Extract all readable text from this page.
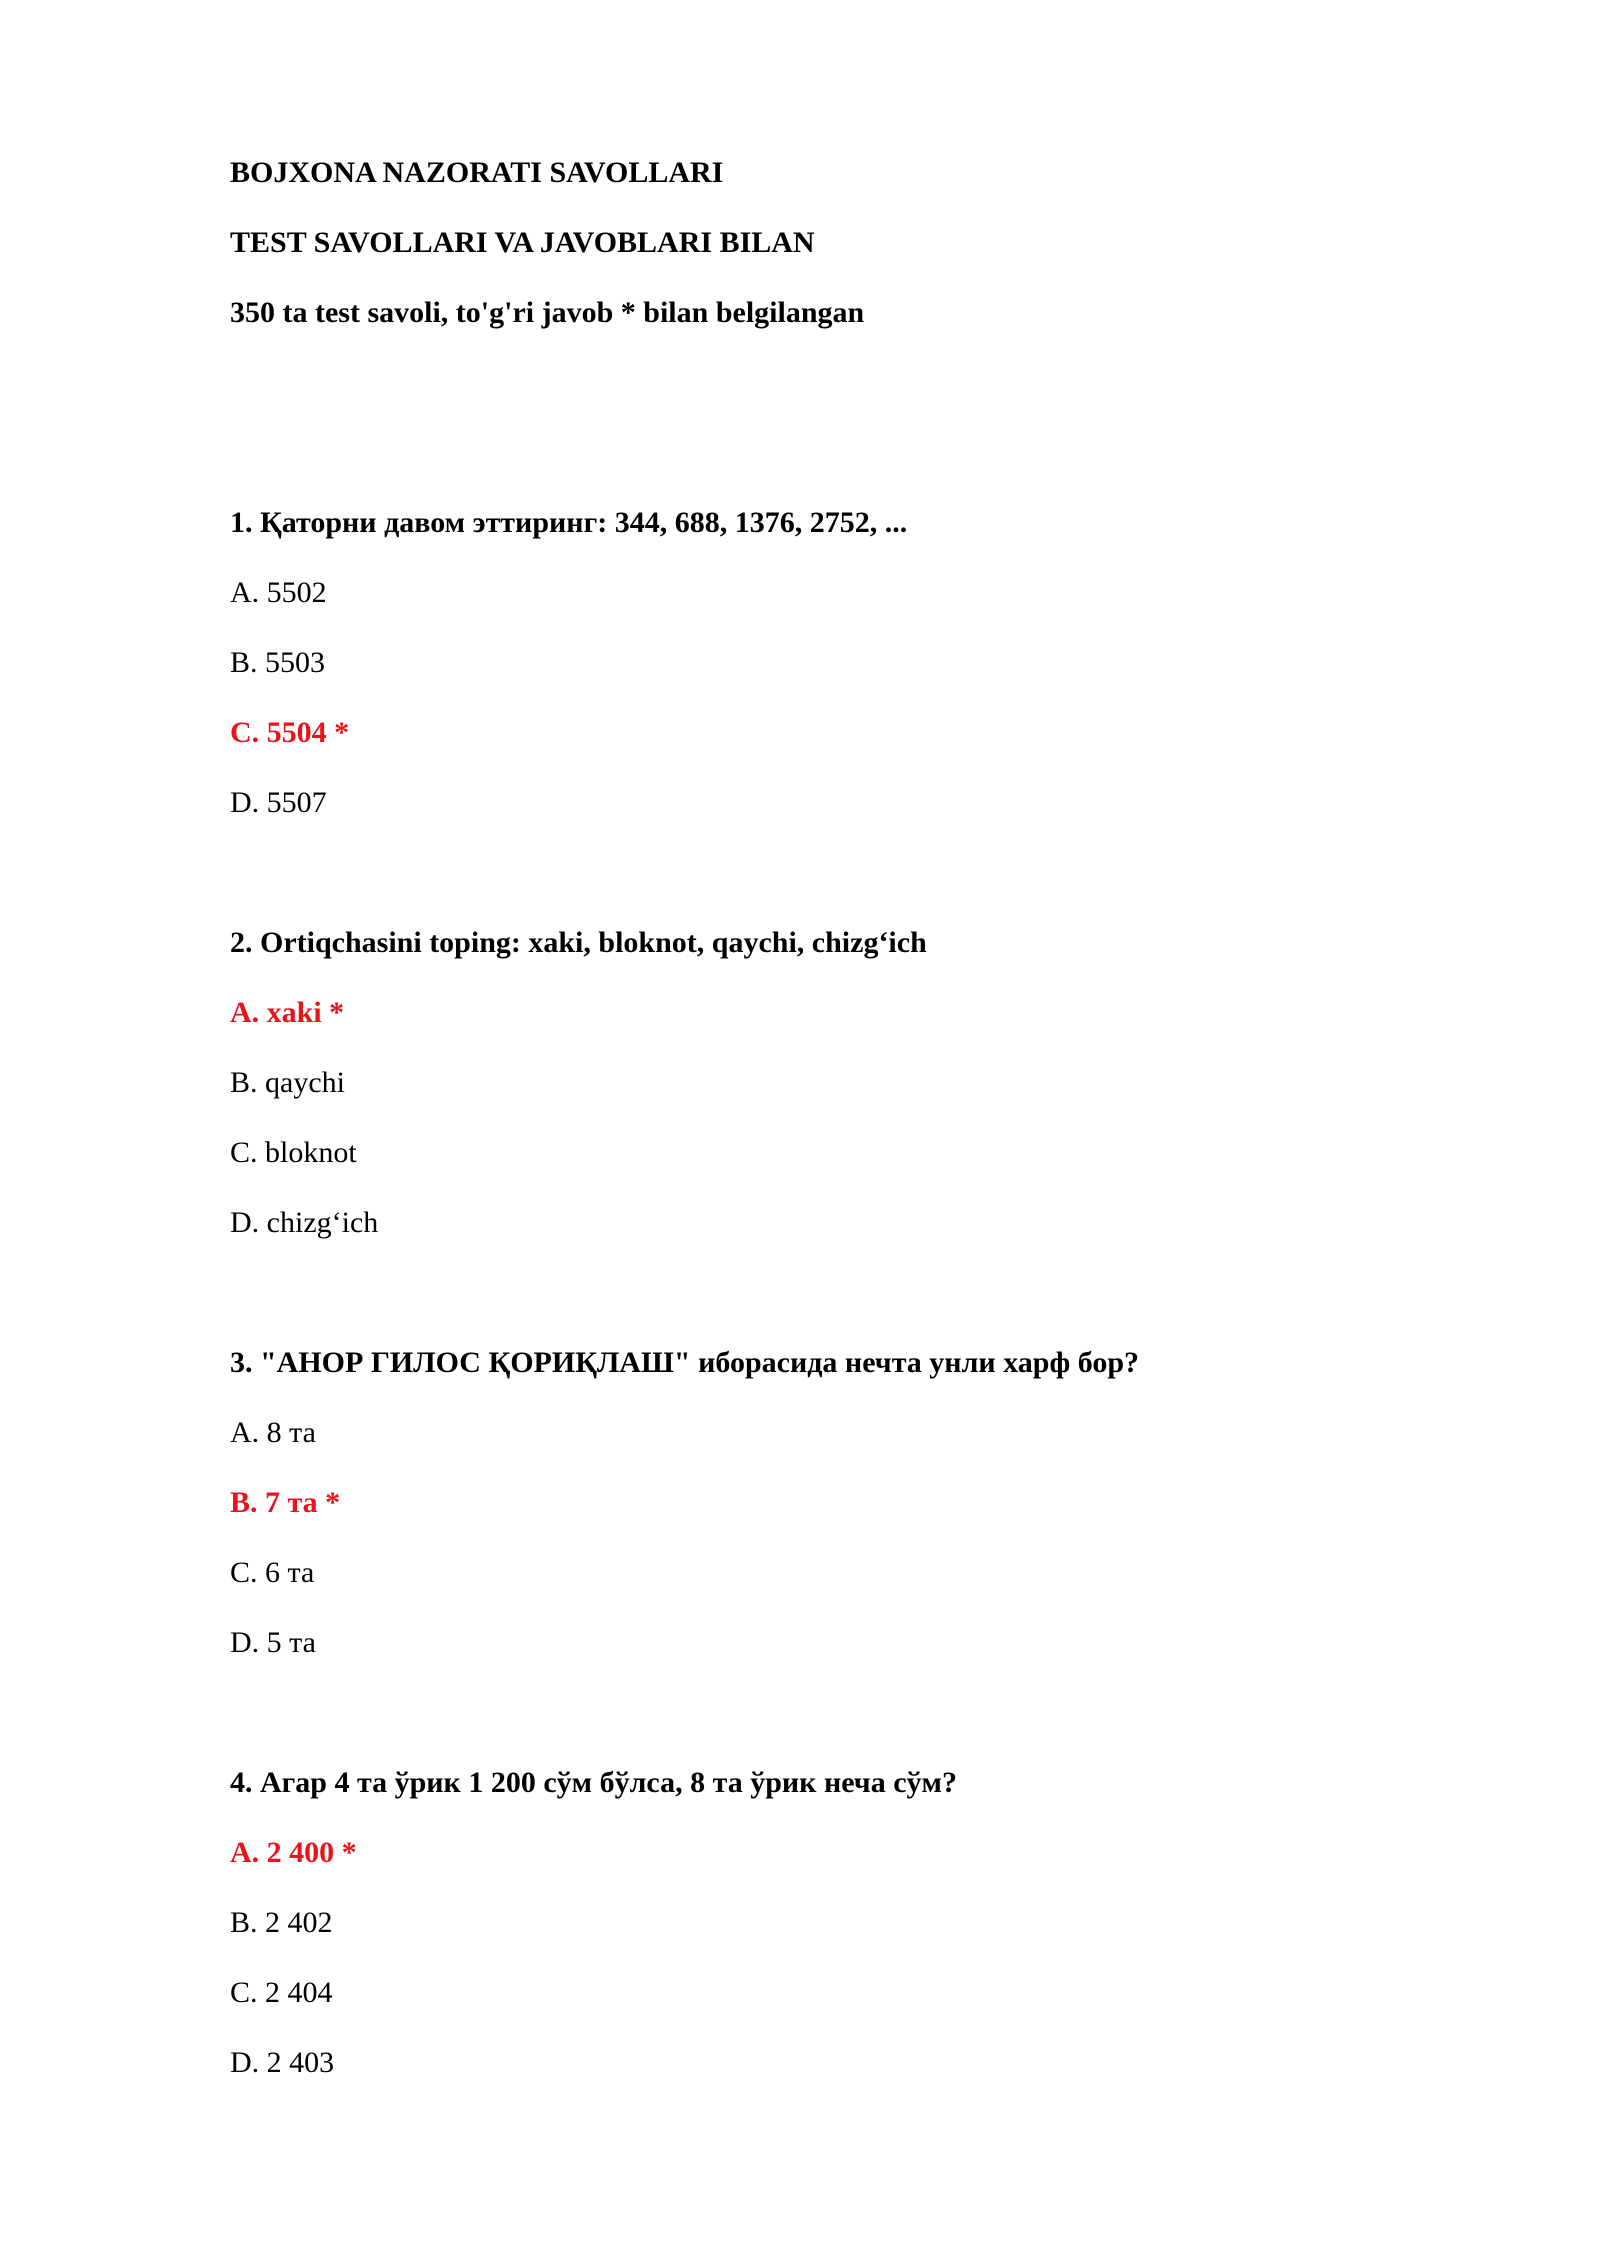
BOJXONA NAZORATI SAVOLLARI
TEST SAVOLLARI VA JAVOBLARI BILAN
350 ta test savoli, to'g'ri javob * bilan belgilangan
1. Қаторни давом эттиринг: 344, 688, 1376, 2752, ...
A. 5502
B. 5503
C. 5504 *
D. 5507
2. Ortiqchasini toping: xaki, bloknot, qaychi, chizg‘ich
A. xaki *
B. qaychi
C. bloknot
D. chizg‘ich
3. "АНОР ГИЛОС ҚОРИҚЛАШ" иборасида нечта унли харф бор?
A. 8 та
B. 7 та *
C. 6 та
D. 5 та
4. Агар 4 та ўрик 1 200 сўм бўлса, 8 та ўрик неча сўм?
A. 2 400 *
B. 2 402
C. 2 404
D. 2 403
